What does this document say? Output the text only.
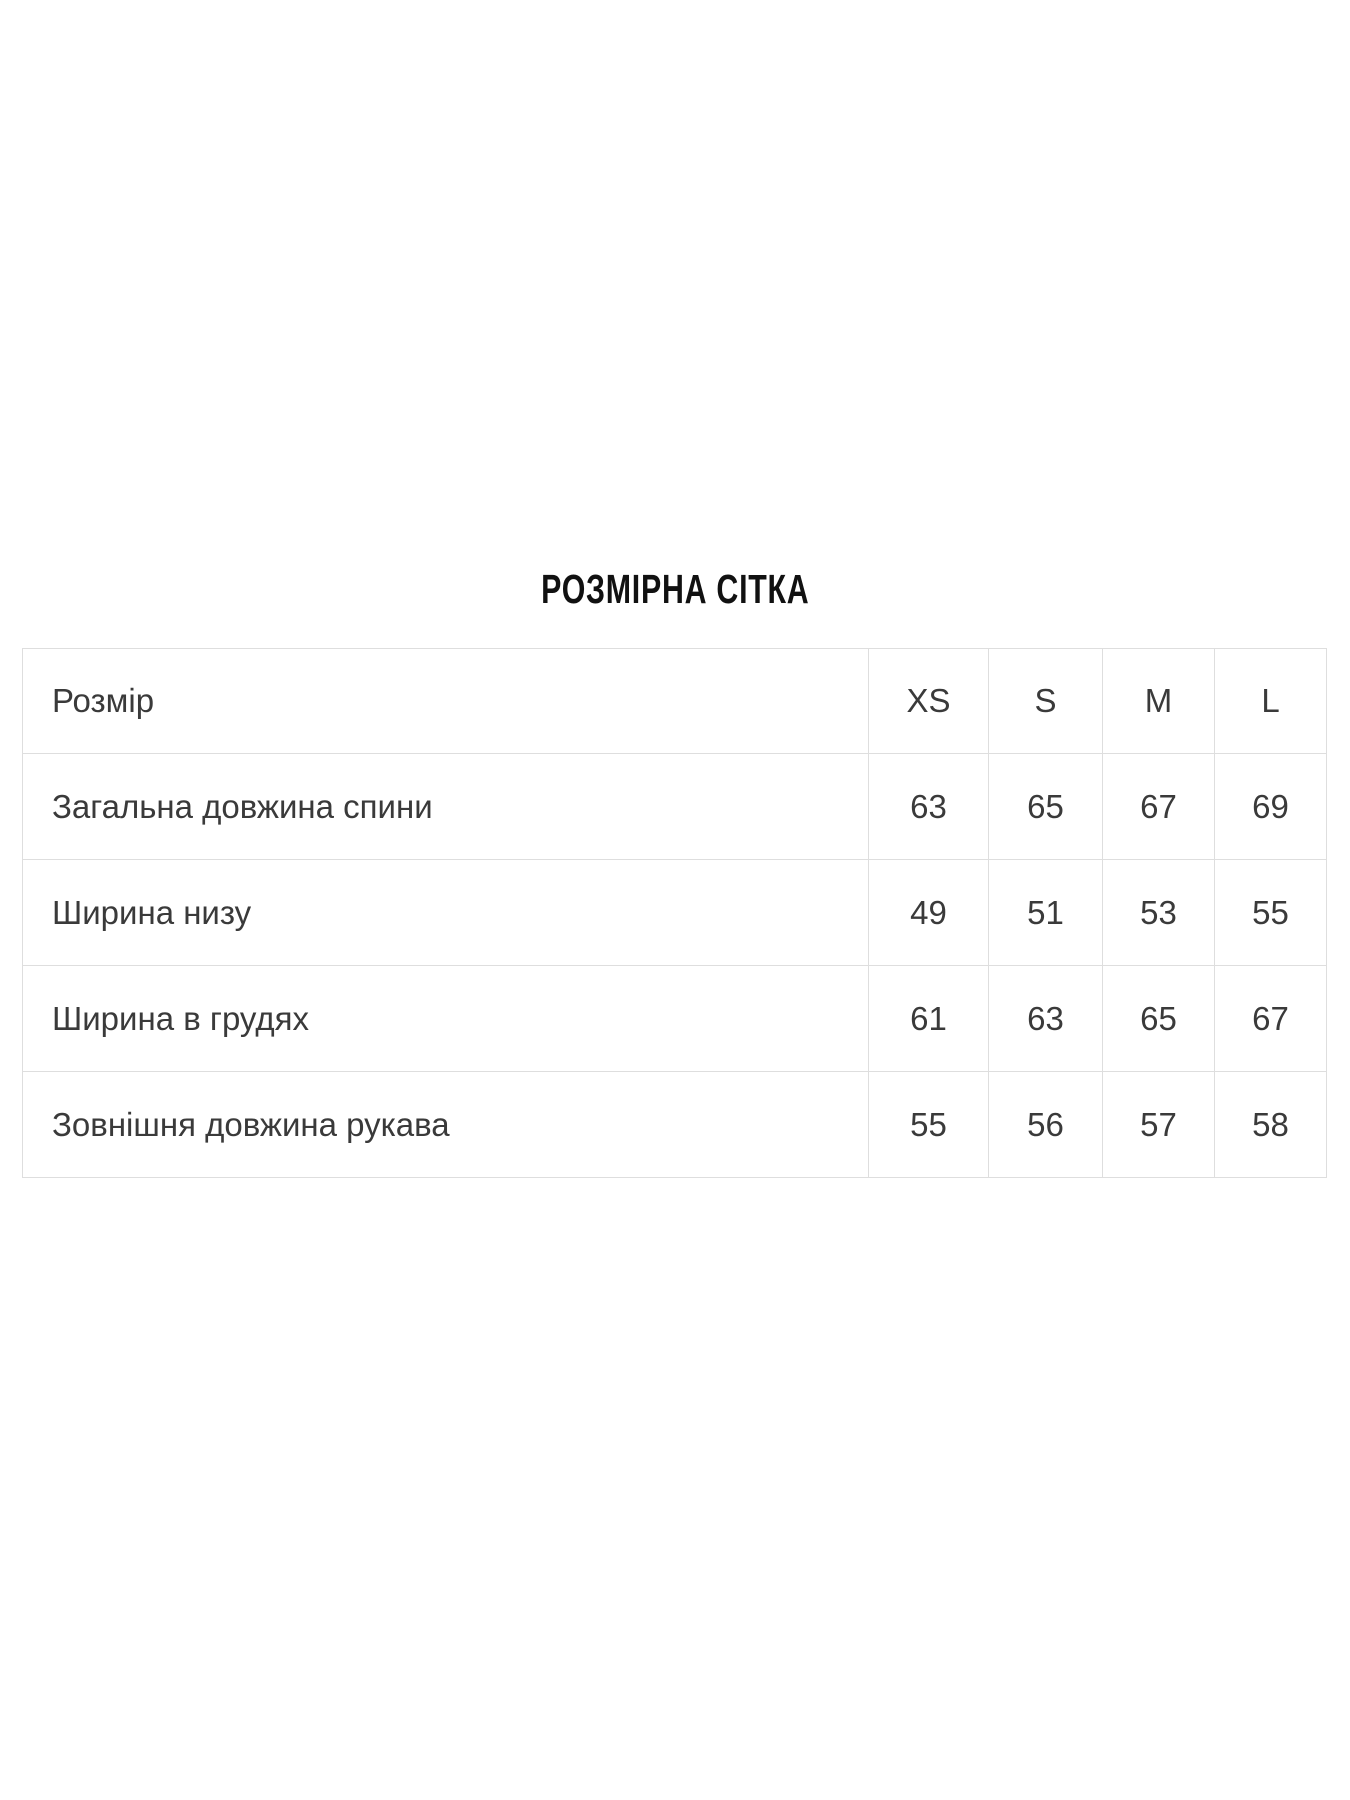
РОЗМІРНА СІТКА
Розмір	XS	S	M	L
Загальна довжина спини	63	65	67	69
Ширина низу	49	51	53	55
Ширина в грудях	61	63	65	67
Зовнішня довжина рукава	55	56	57	58
